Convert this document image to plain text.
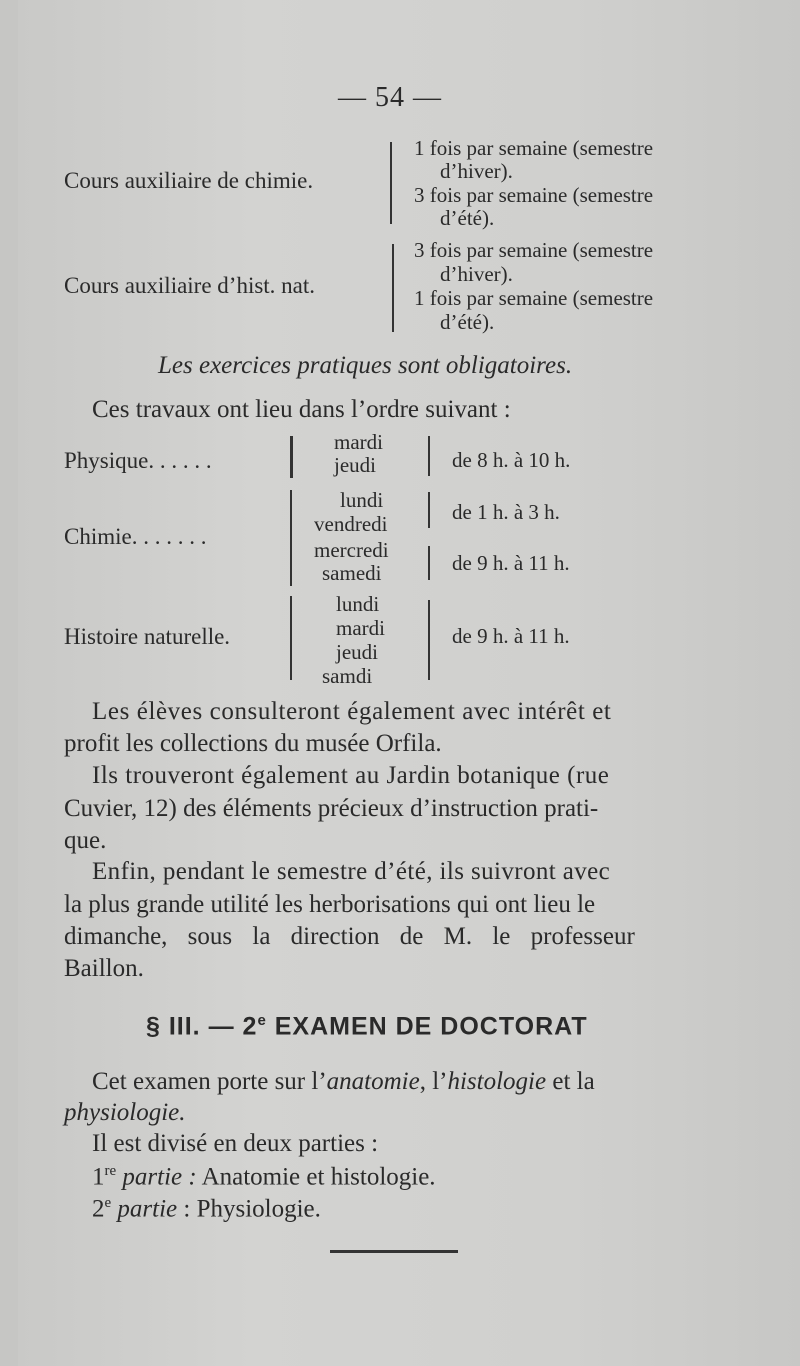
— 54 —
Cours auxiliaire de chimie.
1 fois par semaine (semestre
d’hiver).
3 fois par semaine (semestre
d’été).
Cours auxiliaire d’hist. nat.
3 fois par semaine (semestre
d’hiver).
1 fois par semaine (semestre
d’été).
Les exercices pratiques sont obligatoires.
Ces travaux ont lieu dans l’ordre suivant :
Physique. . . . . .
mardi
jeudi	de 8 h. à 10 h.
Chimie. . . . . . .
lundi
vendredi	de 1 h. à 3 h.
mercredi
samedi	de 9 h. à 11 h.
Histoire naturelle.
lundi
mardi
jeudi
samdi
de 9 h. à 11 h.
Les élèves consulteront également avec intérêt et
profit les collections du musée Orfila.
Ils trouveront également au Jardin botanique (rue
Cuvier, 12) des éléments précieux d’instruction prati-
que.
Enfin, pendant le semestre d’été, ils suivront avec
la plus grande utilité les herborisations qui ont lieu le
dimanche, sous la direction de M. le professeur
Baillon.
§ III. — 2e EXAMEN DE DOCTORAT
Cet examen porte sur l’anatomie, l’histologie et la
physiologie.
Il est divisé en deux parties :
1re partie : Anatomie et histologie.
2e partie : Physiologie.
